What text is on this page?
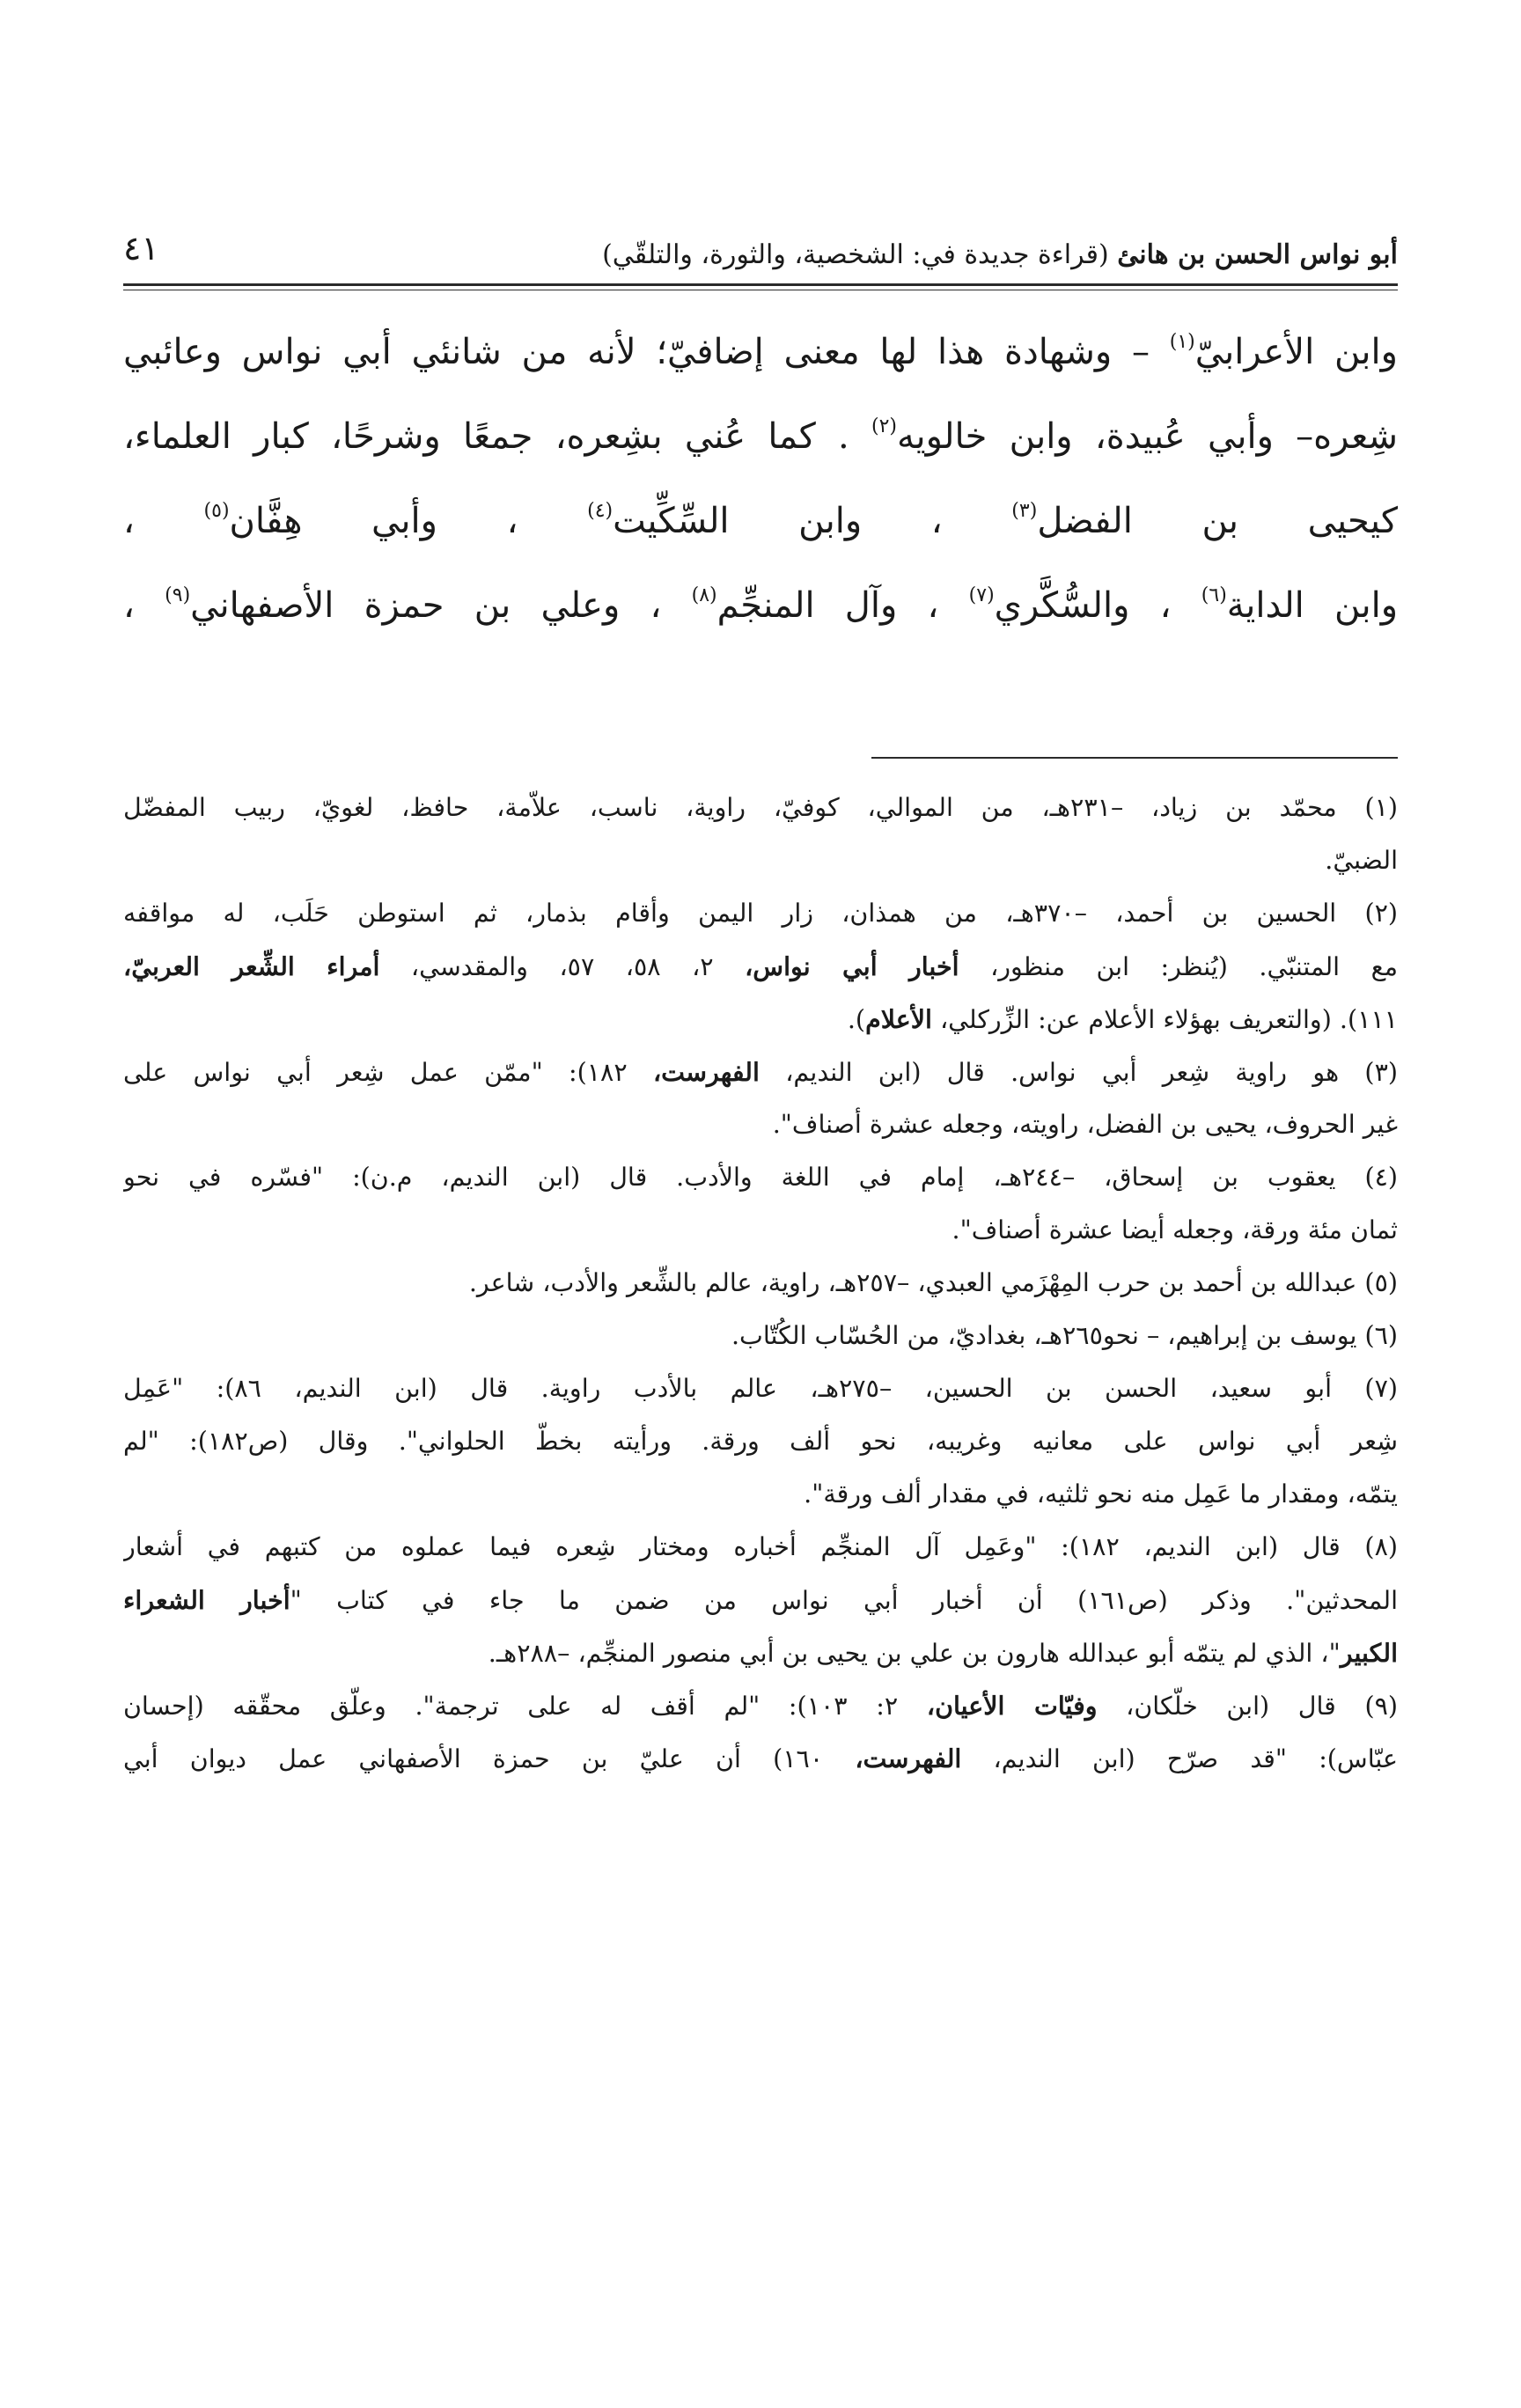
أبو نواس الحسن بن هانئ (قراءة جديدة في: الشخصية، والثورة، والتلقّي)
٤١
وابن الأعرابيّ$^{(١)}$ – وشهادة هذا لها معنى إضافيّ؛ لأنه من شانئي أبي نواس وعائبي
شِعره– وأبي عُبيدة، وابن خالويه$^{(٢)}$ . كما عُني بشِعره، جمعًا وشرحًا، كبار العلماء،
كيحيى بن الفضل$^{(٣)}$ ، وابن السِّكِّيت$^{(٤)}$ ، وأبي هِفَّان$^{(٥)}$ ،
وابن الداية$^{(٦)}$ ، والسُّكَّري$^{(٧)}$ ، وآل المنجِّم$^{(٨)}$ ، وعلي بن حمزة الأصفهاني$^{(٩)}$ ،
(١) محمّد بن زياد، –٢٣١هـ، من الموالي، كوفيّ، راوية، ناسب، علاّمة، حافظ، لغويّ، ربيب المفضّل
الضبيّ.
(٢) الحسين بن أحمد، –٣٧٠هـ، من همذان، زار اليمن وأقام بذمار، ثم استوطن حَلَب، له مواقفه
مع المتنبّي. (يُنظر: ابن منظور، أخبار أبي نواس، ٢، ٥٨، ٥٧، والمقدسي، أمراء الشِّعر العربيّ،
١١١). (والتعريف بهؤلاء الأعلام عن: الزِّركلي، الأعلام).
(٣) هو راوية شِعر أبي نواس. قال (ابن النديم، الفهرست، ١٨٢): "ممّن عمل شِعر أبي نواس على
غير الحروف، يحيى بن الفضل، راويته، وجعله عشرة أصناف".
(٤) يعقوب بن إسحاق، –٢٤٤هـ، إمام في اللغة والأدب. قال (ابن النديم، م.ن): "فسّره في نحو
ثمان مئة ورقة، وجعله أيضا عشرة أصناف".
(٥) عبدالله بن أحمد بن حرب المِهْزَمي العبدي، –٢٥٧هـ، راوية، عالم بالشِّعر والأدب، شاعر.
(٦) يوسف بن إبراهيم، – نحو٢٦٥هـ، بغداديّ، من الحُسّاب الكُتّاب.
(٧) أبو سعيد، الحسن بن الحسين، –٢٧٥هـ، عالم بالأدب راوية. قال (ابن النديم، ٨٦): "عَمِل
شِعر أبي نواس على معانيه وغريبه، نحو ألف ورقة. ورأيته بخطّ الحلواني". وقال (ص١٨٢): "لم
يتمّه، ومقدار ما عَمِل منه نحو ثلثيه، في مقدار ألف ورقة".
(٨) قال (ابن النديم، ١٨٢): "وعَمِل آل المنجِّم أخباره ومختار شِعره فيما عملوه من كتبهم في أشعار
المحدثين". وذكر (ص١٦١) أن أخبار أبي نواس من ضمن ما جاء في كتاب "أخبار الشعراء
الكبير"، الذي لم يتمّه أبو عبدالله هارون بن علي بن يحيى بن أبي منصور المنجِّم، –٢٨٨هـ.
(٩) قال (ابن خلّكان، وفيّات الأعيان، ٢: ١٠٣): "لم أقف له على ترجمة". وعلّق محقّقه (إحسان
عبّاس): "قد صرّح (ابن النديم، الفهرست، ١٦٠) أن عليّ بن حمزة الأصفهاني عمل ديوان أبي
